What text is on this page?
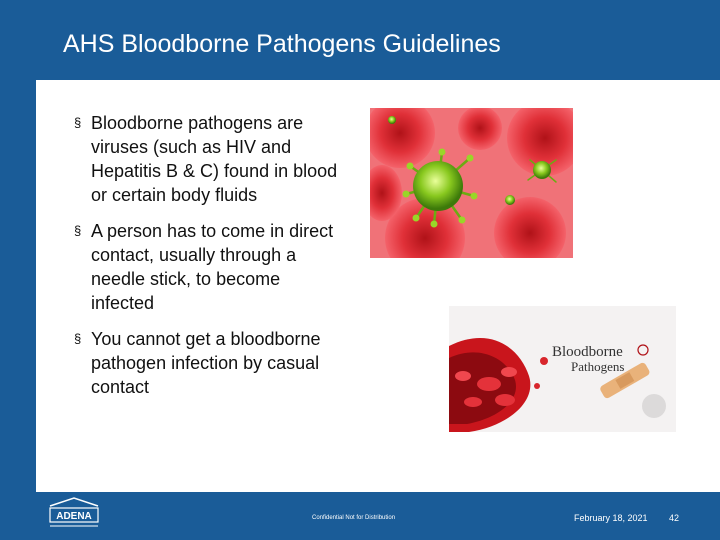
AHS Bloodborne Pathogens Guidelines
§ Bloodborne pathogens are viruses (such as HIV and Hepatitis B & C) found in blood or certain body fluids
§ A person has to come in direct contact, usually through a needle stick, to become infected
§ You cannot get a bloodborne pathogen infection by casual contact
Bloodborne
Pathogens
ADENA	Confidential Not for Distribution	February 18, 2021 42
